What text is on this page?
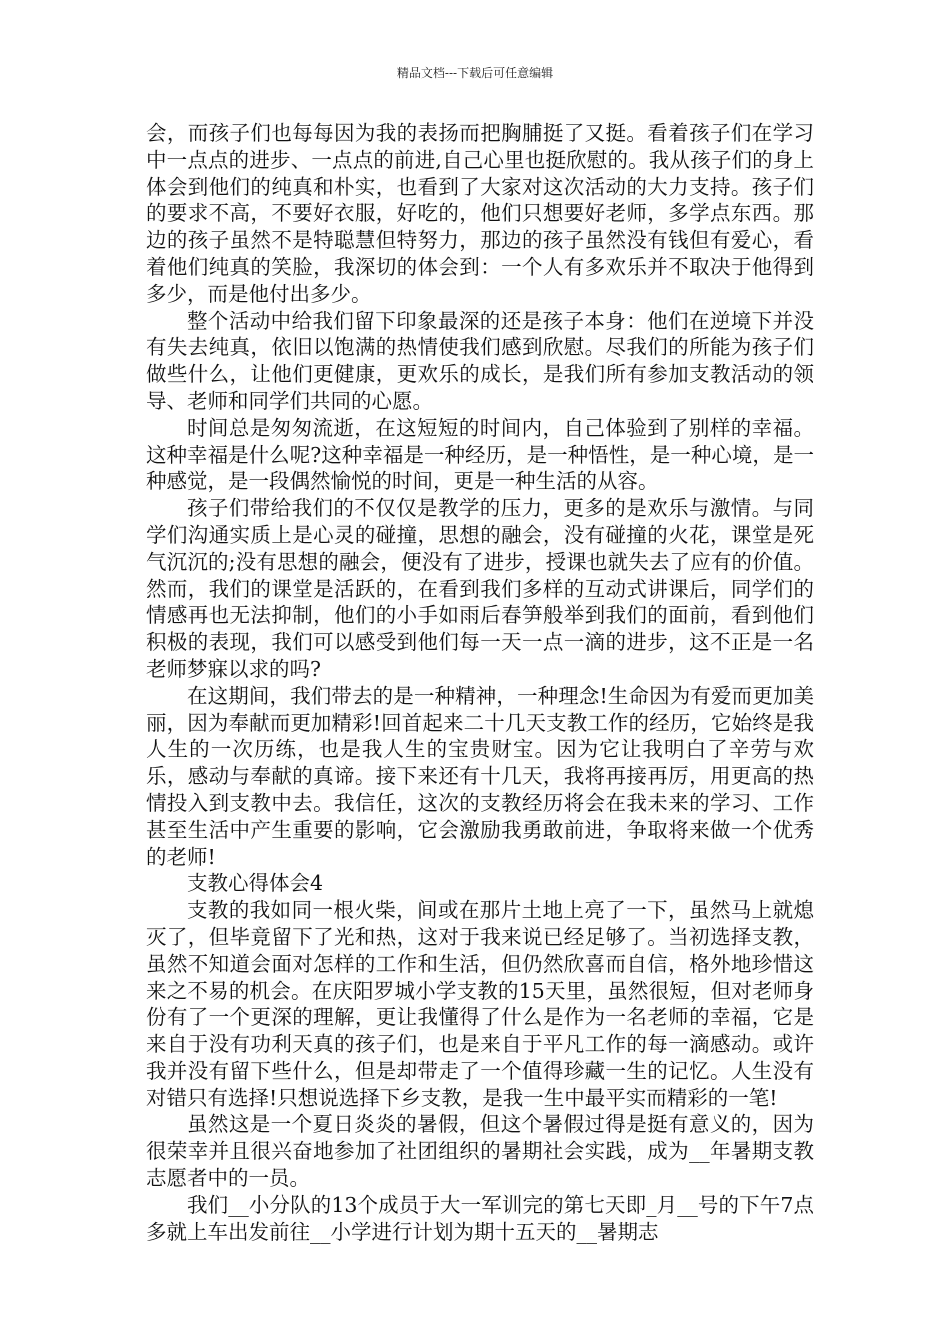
精品文档---下载后可任意编辑

会，而孩子们也每每因为我的表扬而把胸脯挺了又挺。看着孩子们在学习中一点点的进步、一点点的前进,自己心里也挺欣慰的。我从孩子们的身上体会到他们的纯真和朴实，也看到了大家对这次活动的大力支持。孩子们的要求不高，不要好衣服，好吃的，他们只想要好老师，多学点东西。那边的孩子虽然不是特聪慧但特努力，那边的孩子虽然没有钱但有爱心，看着他们纯真的笑脸，我深切的体会到：一个人有多欢乐并不取决于他得到多少，而是他付出多少。

整个活动中给我们留下印象最深的还是孩子本身：他们在逆境下并没有失去纯真，依旧以饱满的热情使我们感到欣慰。尽我们的所能为孩子们做些什么，让他们更健康，更欢乐的成长，是我们所有参加支教活动的领导、老师和同学们共同的心愿。

时间总是匆匆流逝，在这短短的时间内，自己体验到了别样的幸福。这种幸福是什么呢?这种幸福是一种经历，是一种悟性，是一种心境，是一种感觉，是一段偶然愉悦的时间，更是一种生活的从容。

孩子们带给我们的不仅仅是教学的压力，更多的是欢乐与激情。与同学们沟通实质上是心灵的碰撞，思想的融会，没有碰撞的火花，课堂是死气沉沉的;没有思想的融会，便没有了进步，授课也就失去了应有的价值。然而，我们的课堂是活跃的，在看到我们多样的互动式讲课后，同学们的情感再也无法抑制，他们的小手如雨后春笋般举到我们的面前，看到他们积极的表现，我们可以感受到他们每一天一点一滴的进步，这不正是一名老师梦寐以求的吗?

在这期间，我们带去的是一种精神，一种理念!生命因为有爱而更加美丽，因为奉献而更加精彩!回首起来二十几天支教工作的经历，它始终是我人生的一次历练，也是我人生的宝贵财宝。因为它让我明白了辛劳与欢乐，感动与奉献的真谛。接下来还有十几天，我将再接再厉，用更高的热情投入到支教中去。我信任，这次的支教经历将会在我未来的学习、工作甚至生活中产生重要的影响，它会激励我勇敢前进，争取将来做一个优秀的老师!

支教心得体会4

支教的我如同一根火柴，间或在那片土地上亮了一下，虽然马上就熄灭了，但毕竟留下了光和热，这对于我来说已经足够了。当初选择支教，虽然不知道会面对怎样的工作和生活，但仍然欣喜而自信，格外地珍惜这来之不易的机会。在庆阳罗城小学支教的15天里，虽然很短，但对老师身份有了一个更深的理解，更让我懂得了什么是作为一名老师的幸福，它是来自于没有功利天真的孩子们，也是来自于平凡工作的每一滴感动。或许我并没有留下些什么，但是却带走了一个值得珍藏一生的记忆。人生没有对错只有选择!只想说选择下乡支教，是我一生中最平实而精彩的一笔!

虽然这是一个夏日炎炎的暑假，但这个暑假过得是挺有意义的，因为很荣幸并且很兴奋地参加了社团组织的暑期社会实践，成为__年暑期支教志愿者中的一员。

我们__小分队的13个成员于大一军训完的第七天即_月__号的下午7点多就上车出发前往__小学进行计划为期十五天的__暑期志
